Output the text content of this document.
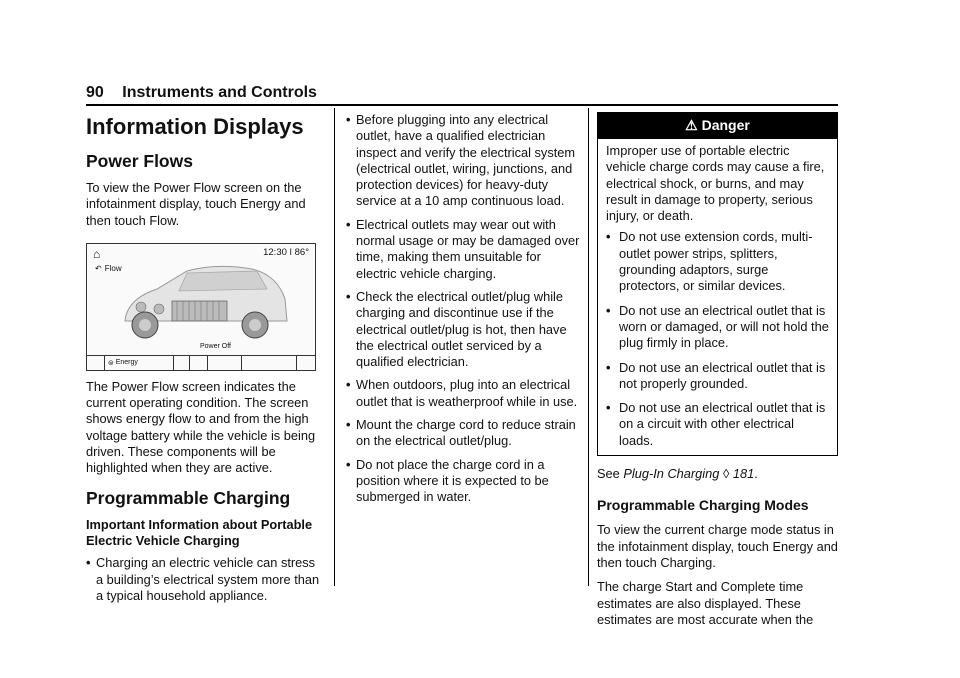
90 Instruments and Controls
Information Displays
Power Flows

To view the Power Flow screen on the infotainment display, touch Energy and then touch Flow.

⌂	12:30 ǀ 86°
↶ Flow
Power Off
⊜ Energy

The Power Flow screen indicates the current operating condition. The screen shows energy flow to and from the high voltage battery while the vehicle is being driven. These components will be highlighted when they are active.

Programmable Charging

Important Information about Portable Electric Vehicle Charging

• Charging an electric vehicle can stress a building’s electrical system more than a typical household appliance.
• Before plugging into any electrical outlet, have a qualified electrician inspect and verify the electrical system (electrical outlet, wiring, junctions, and protection devices) for heavy-duty service at a 10 amp continuous load.
• Electrical outlets may wear out with normal usage or may be damaged over time, making them unsuitable for electric vehicle charging.
• Check the electrical outlet/plug while charging and discontinue use if the electrical outlet/plug is hot, then have the electrical outlet serviced by a qualified electrician.
• When outdoors, plug into an electrical outlet that is weatherproof while in use.
• Mount the charge cord to reduce strain on the electrical outlet/plug.
• Do not place the charge cord in a position where it is expected to be submerged in water.
⚠ Danger

Improper use of portable electric vehicle charge cords may cause a fire, electrical shock, or burns, and may result in damage to property, serious injury, or death.

• Do not use extension cords, multi-outlet power strips, splitters, grounding adaptors, surge protectors, or similar devices.
• Do not use an electrical outlet that is worn or damaged, or will not hold the plug firmly in place.
• Do not use an electrical outlet that is not properly grounded.
• Do not use an electrical outlet that is on a circuit with other electrical loads.

See Plug-In Charging ◊ 181.

Programmable Charging Modes

To view the current charge mode status in the infotainment display, touch Energy and then touch Charging.

The charge Start and Complete time estimates are also displayed. These estimates are most accurate when the
